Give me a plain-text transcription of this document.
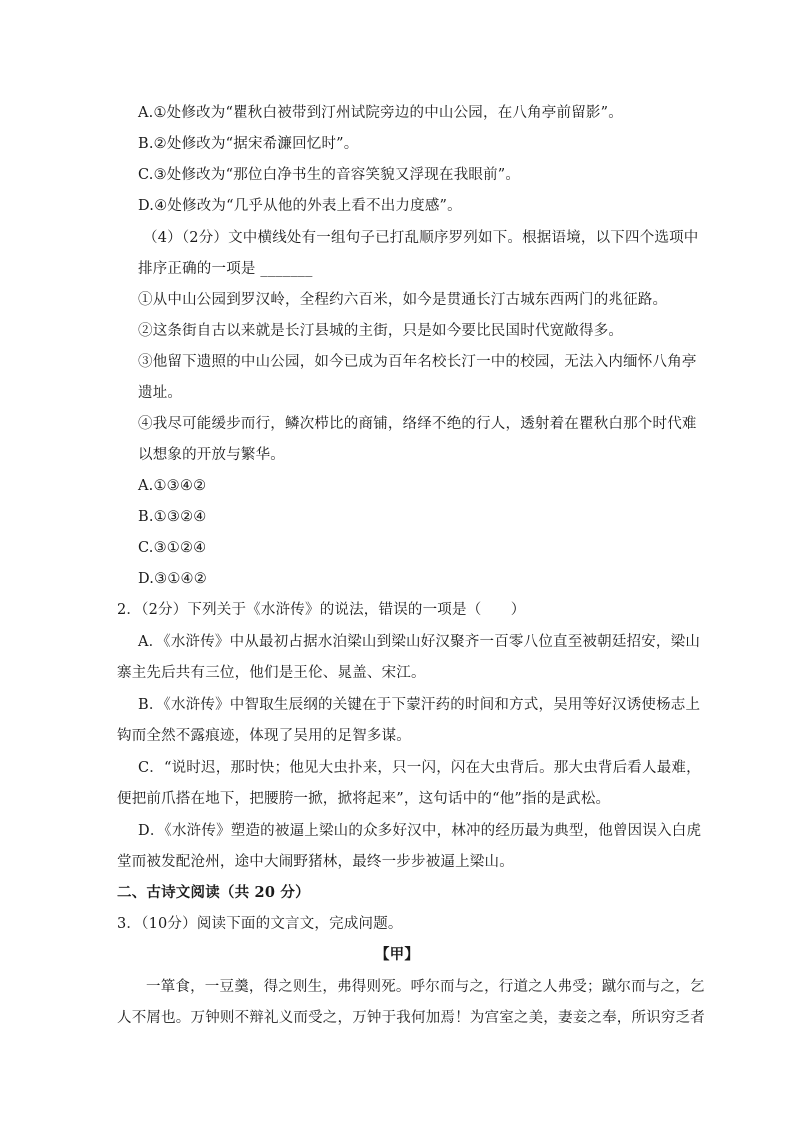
A.①处修改为“瞿秋白被带到汀州试院旁边的中山公园，在八角亭前留影”。
B.②处修改为“据宋希濂回忆时”。
C.③处修改为“那位白净书生的音容笑貌又浮现在我眼前”。
D.④处修改为“几乎从他的外表上看不出力度感”。
（4）（2分）文中横线处有一组句子已打乱顺序罗列如下。根据语境，以下四个选项中
排序正确的一项是 _______
①从中山公园到罗汉岭，全程约六百米，如今是贯通长汀古城东西两门的兆征路。
②这条街自古以来就是长汀县城的主街，只是如今要比民国时代宽敞得多。
③他留下遗照的中山公园，如今已成为百年名校长汀一中的校园，无法入内缅怀八角亭
遗址。
④我尽可能缓步而行，鳞次栉比的商铺，络绎不绝的行人，透射着在瞿秋白那个时代难
以想象的开放与繁华。
A.①③④②
B.①③②④
C.③①②④
D.③①④②
2．（2分）下列关于《水浒传》的说法，错误的一项是（　　）
A．《水浒传》中从最初占据水泊梁山到梁山好汉聚齐一百零八位直至被朝廷招安，梁山
寨主先后共有三位，他们是王伦、晁盖、宋江。
B．《水浒传》中智取生辰纲的关键在于下蒙汗药的时间和方式，吴用等好汉诱使杨志上
钩而全然不露痕迹，体现了吴用的足智多谋。
C．“说时迟，那时快；他见大虫扑来，只一闪，闪在大虫背后。那大虫背后看人最难，
便把前爪搭在地下，把腰胯一掀，掀将起来”，这句话中的“他”指的是武松。
D．《水浒传》塑造的被逼上梁山的众多好汉中，林冲的经历最为典型，他曾因误入白虎
堂而被发配沧州，途中大闹野猪林，最终一步步被逼上梁山。
二、古诗文阅读（共 20 分）
3．（10分）阅读下面的文言文，完成问题。
【甲】
一箪食，一豆羹，得之则生，弗得则死。呼尔而与之，行道之人弗受；蹴尔而与之，乞
人不屑也。万钟则不辩礼义而受之，万钟于我何加焉！为宫室之美，妻妾之奉，所识穷乏者
